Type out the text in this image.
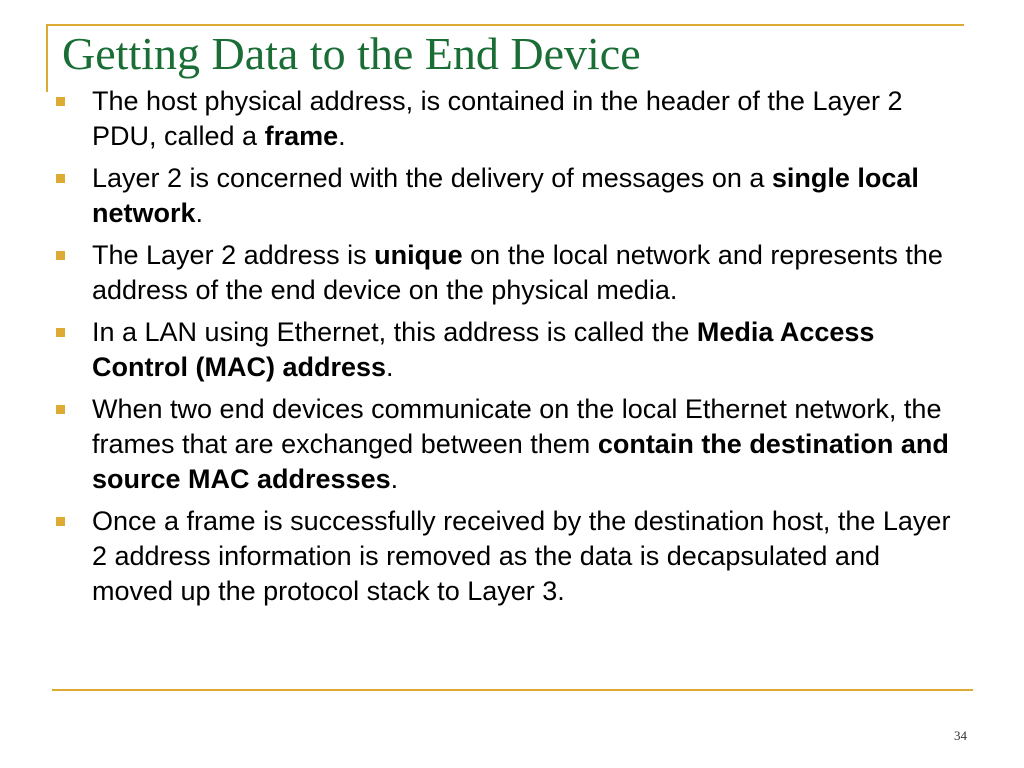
Getting Data to the End Device
The host physical address, is contained in the header of the Layer 2 PDU, called a frame.
Layer 2 is concerned with the delivery of messages on a single local network.
The Layer 2 address is unique on the local network and represents the address of the end device on the physical media.
In a LAN using Ethernet, this address is called the Media Access Control (MAC) address.
When two end devices communicate on the local Ethernet network, the frames that are exchanged between them contain the destination and source MAC addresses.
Once a frame is successfully received by the destination host, the Layer 2 address information is removed as the data is decapsulated and moved up the protocol stack to Layer 3.
34
